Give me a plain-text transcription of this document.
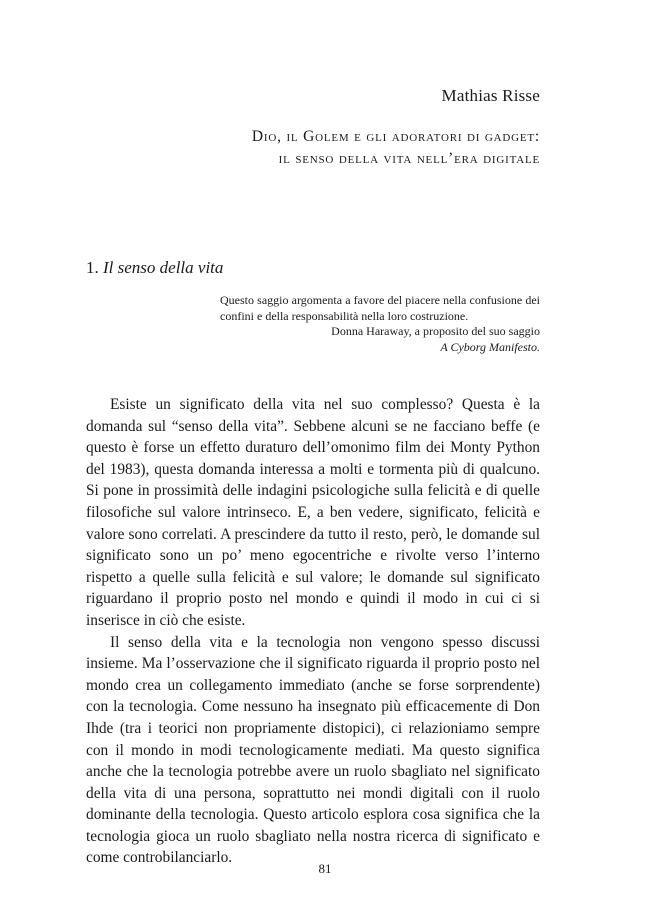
Mathias Risse
Dio, il Golem e gli adoratori di gadget:
il senso della vita nell’era digitale
1. Il senso della vita

Questo saggio argomenta a favore del piacere nella confusione dei confini e della responsabilità nella loro costruzione.

Donna Haraway, a proposito del suo saggio

A Cyborg Manifesto.

Esiste un significato della vita nel suo complesso? Questa è la domanda sul “senso della vita”. Sebbene alcuni se ne facciano beffe (e questo è forse un effetto duraturo dell’omonimo film dei Monty Python del 1983), questa domanda interessa a molti e tormenta più di qualcuno. Si pone in prossimità delle indagini psicologiche sulla felicità e di quelle filosofiche sul valore intrinseco. E, a ben vedere, significato, felicità e valore sono correlati. A prescindere da tutto il resto, però, le domande sul significato sono un po’ meno egocentriche e rivolte verso l’interno rispetto a quelle sulla felicità e sul valore; le domande sul significato riguardano il proprio posto nel mondo e quindi il modo in cui ci si inserisce in ciò che esiste.

Il senso della vita e la tecnologia non vengono spesso discussi insieme. Ma l’osservazione che il significato riguarda il proprio posto nel mondo crea un collegamento immediato (anche se forse sorprendente) con la tecnologia. Come nessuno ha insegnato più efficacemente di Don Ihde (tra i teorici non propriamente distopici), ci relazioniamo sempre con il mondo in modi tecnologicamente mediati. Ma questo significa anche che la tecnologia potrebbe avere un ruolo sbagliato nel significato della vita di una persona, soprattutto nei mondi digitali con il ruolo dominante della tecnologia. Questo articolo esplora cosa significa che la tecnologia gioca un ruolo sbagliato nella nostra ricerca di significato e come controbilanciarlo.

81
